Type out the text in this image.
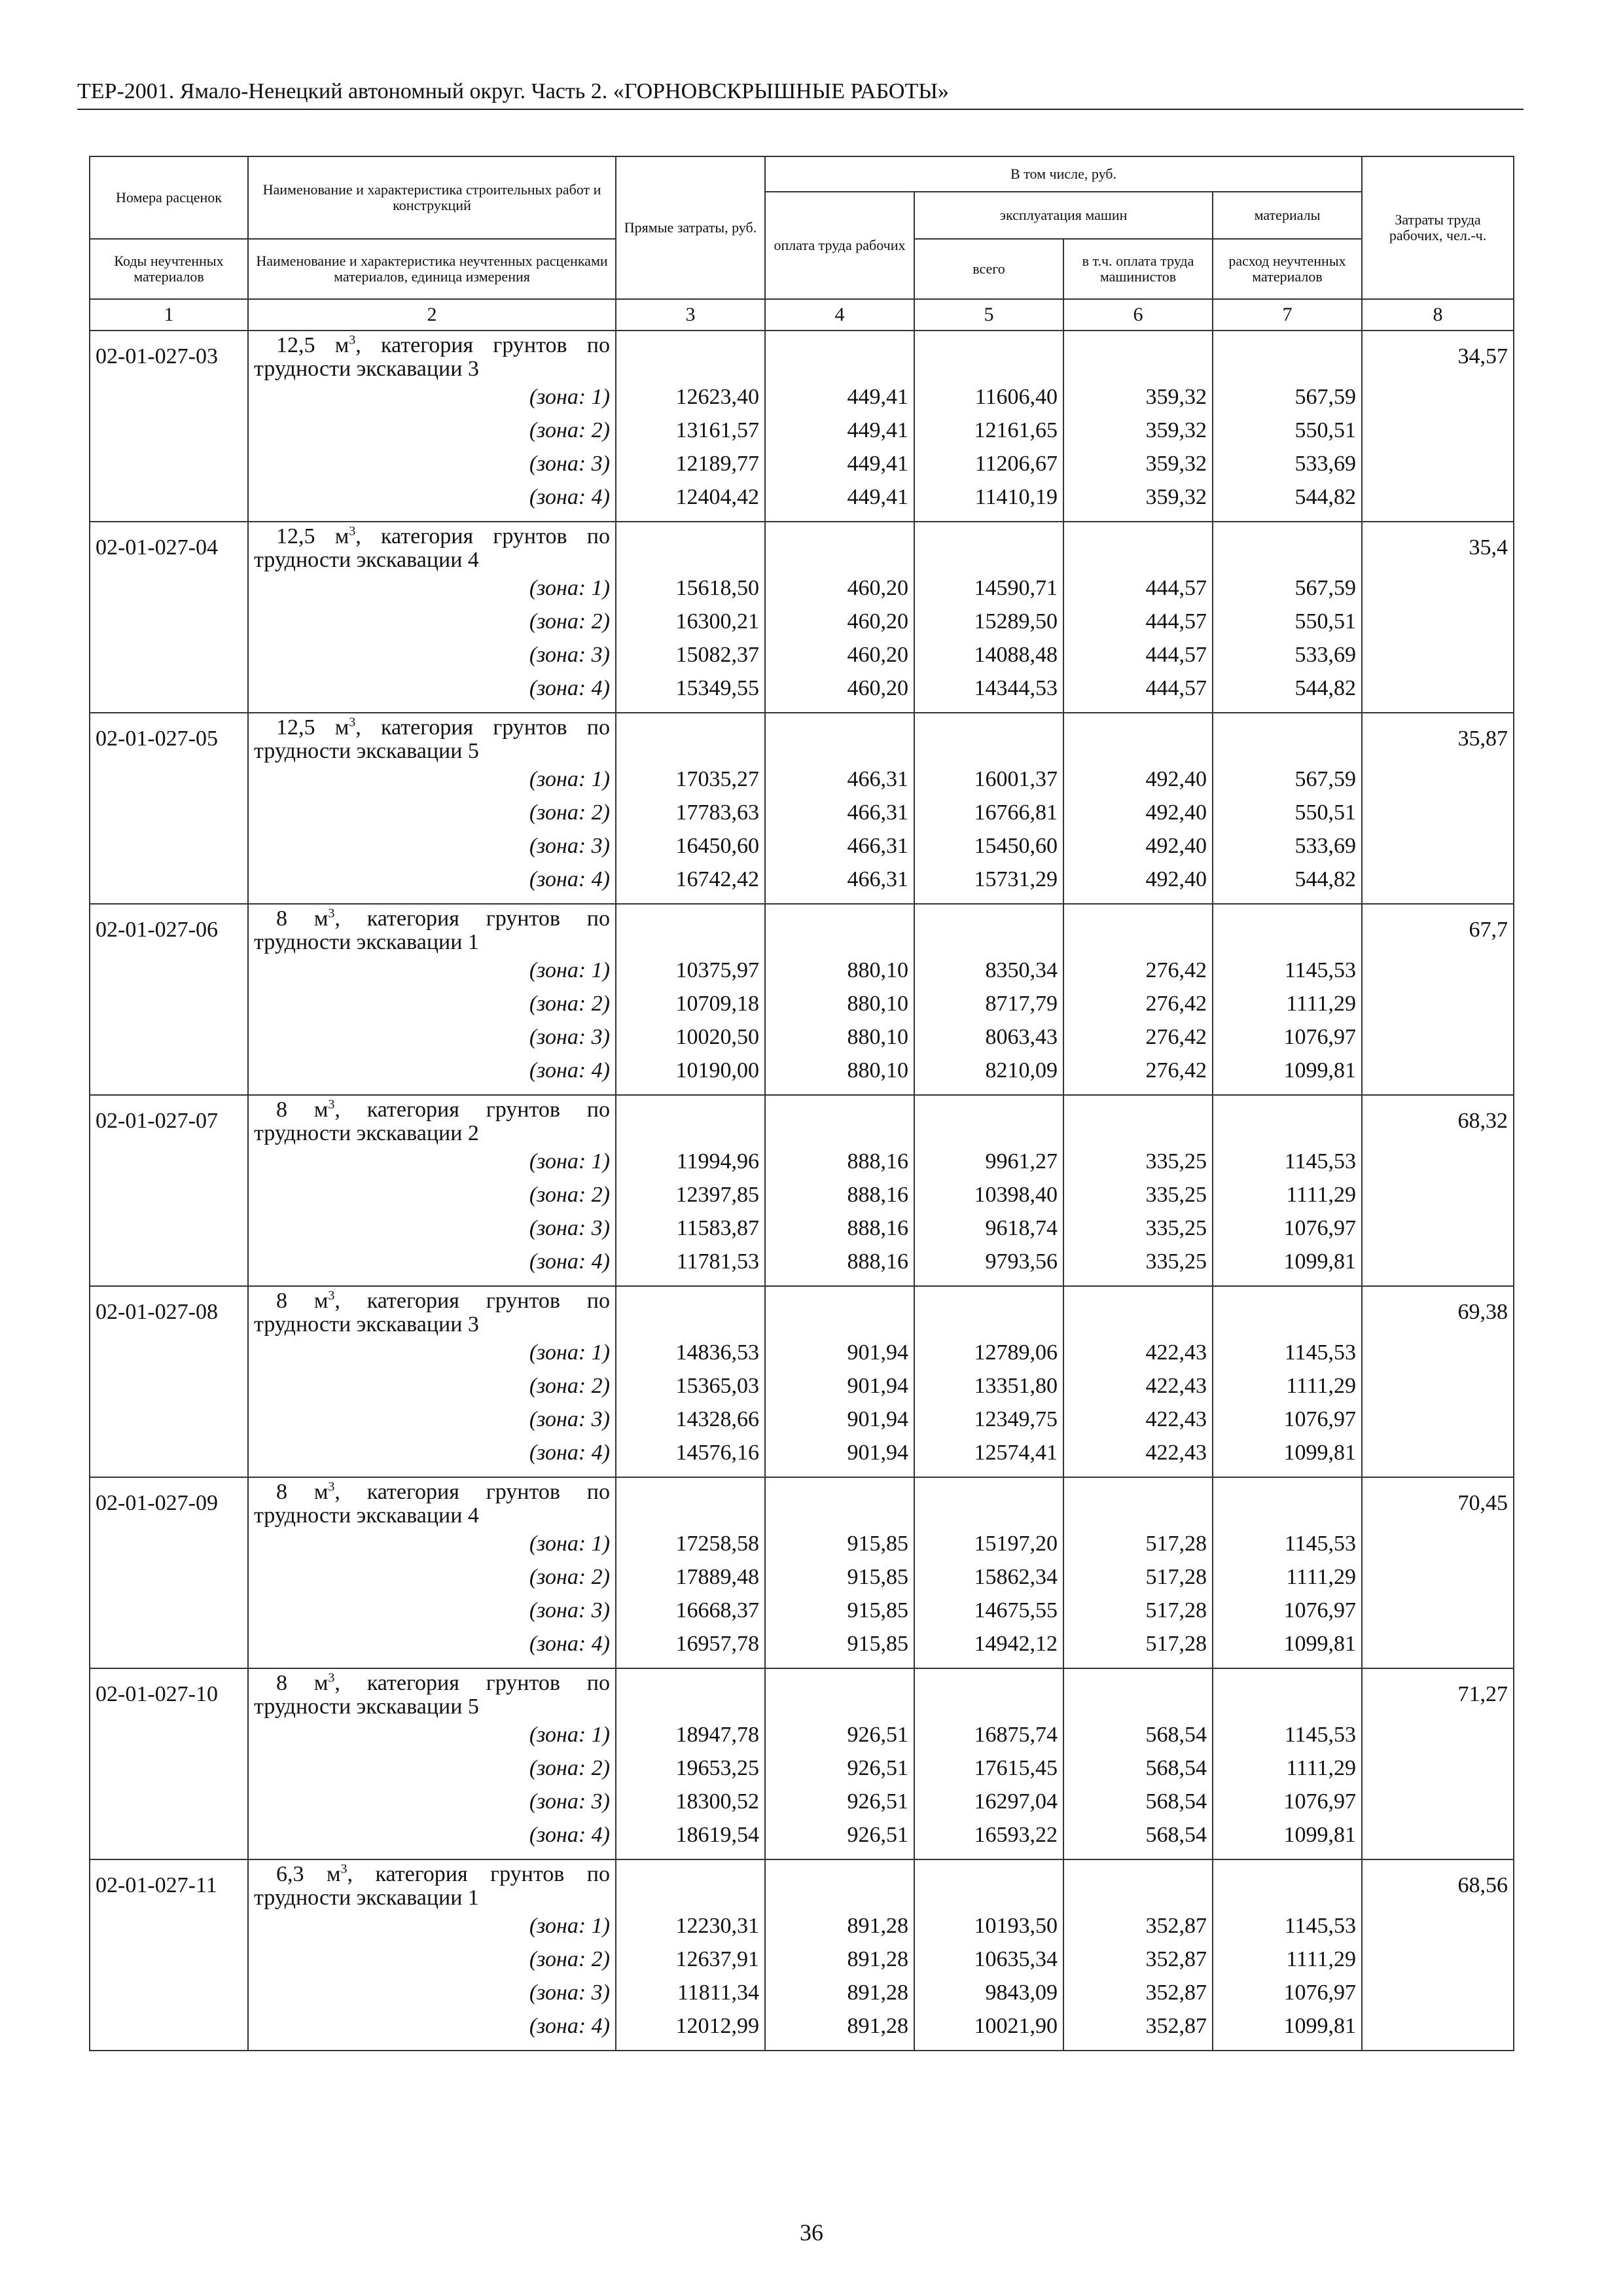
ТЕР-2001. Ямало-Ненецкий автономный округ. Часть 2. «ГОРНОВСКРЫШНЫЕ РАБОТЫ»
Номера расценок	Наименование и характеристика строительных работ и конструкций	Прямые затраты, руб.	В том числе, руб.				Затраты труда рабочих, чел.-ч.
			оплата труда рабочих	эксплуатация машин		материалы	
Коды неучтенных материалов	Наименование и характеристика неучтенных расценками материалов, единица измерения			всего	в т.ч. оплата труда машинистов	расход неучтенных материалов	
1	2	3	4	5	6	7	8
02-01-027-03	12,5 $м^3$, категория грунтов по трудности экскавации 3						34,57
	(зона: 1)	12623,40	449,41	11606,40	359,32	567,59	
	(зона: 2)	13161,57	449,41	12161,65	359,32	550,51	
	(зона: 3)	12189,77	449,41	11206,67	359,32	533,69	
	(зона: 4)	12404,42	449,41	11410,19	359,32	544,82	
02-01-027-04	12,5 $м^3$, категория грунтов по трудности экскавации 4						35,4
	(зона: 1)	15618,50	460,20	14590,71	444,57	567,59	
	(зона: 2)	16300,21	460,20	15289,50	444,57	550,51	
	(зона: 3)	15082,37	460,20	14088,48	444,57	533,69	
	(зона: 4)	15349,55	460,20	14344,53	444,57	544,82	
02-01-027-05	12,5 $м^3$, категория грунтов по трудности экскавации 5						35,87
	(зона: 1)	17035,27	466,31	16001,37	492,40	567,59	
	(зона: 2)	17783,63	466,31	16766,81	492,40	550,51	
	(зона: 3)	16450,60	466,31	15450,60	492,40	533,69	
	(зона: 4)	16742,42	466,31	15731,29	492,40	544,82	
02-01-027-06	8 $м^3$, категория грунтов по трудности экскавации 1						67,7
	(зона: 1)	10375,97	880,10	8350,34	276,42	1145,53	
	(зона: 2)	10709,18	880,10	8717,79	276,42	1111,29	
	(зона: 3)	10020,50	880,10	8063,43	276,42	1076,97	
	(зона: 4)	10190,00	880,10	8210,09	276,42	1099,81	
02-01-027-07	8 $м^3$, категория грунтов по трудности экскавации 2						68,32
	(зона: 1)	11994,96	888,16	9961,27	335,25	1145,53	
	(зона: 2)	12397,85	888,16	10398,40	335,25	1111,29	
	(зона: 3)	11583,87	888,16	9618,74	335,25	1076,97	
	(зона: 4)	11781,53	888,16	9793,56	335,25	1099,81	
02-01-027-08	8 $м^3$, категория грунтов по трудности экскавации 3						69,38
	(зона: 1)	14836,53	901,94	12789,06	422,43	1145,53	
	(зона: 2)	15365,03	901,94	13351,80	422,43	1111,29	
	(зона: 3)	14328,66	901,94	12349,75	422,43	1076,97	
	(зона: 4)	14576,16	901,94	12574,41	422,43	1099,81	
02-01-027-09	8 $м^3$, категория грунтов по трудности экскавации 4						70,45
	(зона: 1)	17258,58	915,85	15197,20	517,28	1145,53	
	(зона: 2)	17889,48	915,85	15862,34	517,28	1111,29	
	(зона: 3)	16668,37	915,85	14675,55	517,28	1076,97	
	(зона: 4)	16957,78	915,85	14942,12	517,28	1099,81	
02-01-027-10	8 $м^3$, категория грунтов по трудности экскавации 5						71,27
	(зона: 1)	18947,78	926,51	16875,74	568,54	1145,53	
	(зона: 2)	19653,25	926,51	17615,45	568,54	1111,29	
	(зона: 3)	18300,52	926,51	16297,04	568,54	1076,97	
	(зона: 4)	18619,54	926,51	16593,22	568,54	1099,81	
02-01-027-11	6,3 $м^3$, категория грунтов по трудности экскавации 1						68,56
	(зона: 1)	12230,31	891,28	10193,50	352,87	1145,53	
	(зона: 2)	12637,91	891,28	10635,34	352,87	1111,29	
	(зона: 3)	11811,34	891,28	9843,09	352,87	1076,97	
	(зона: 4)	12012,99	891,28	10021,90	352,87	1099,81	
36
